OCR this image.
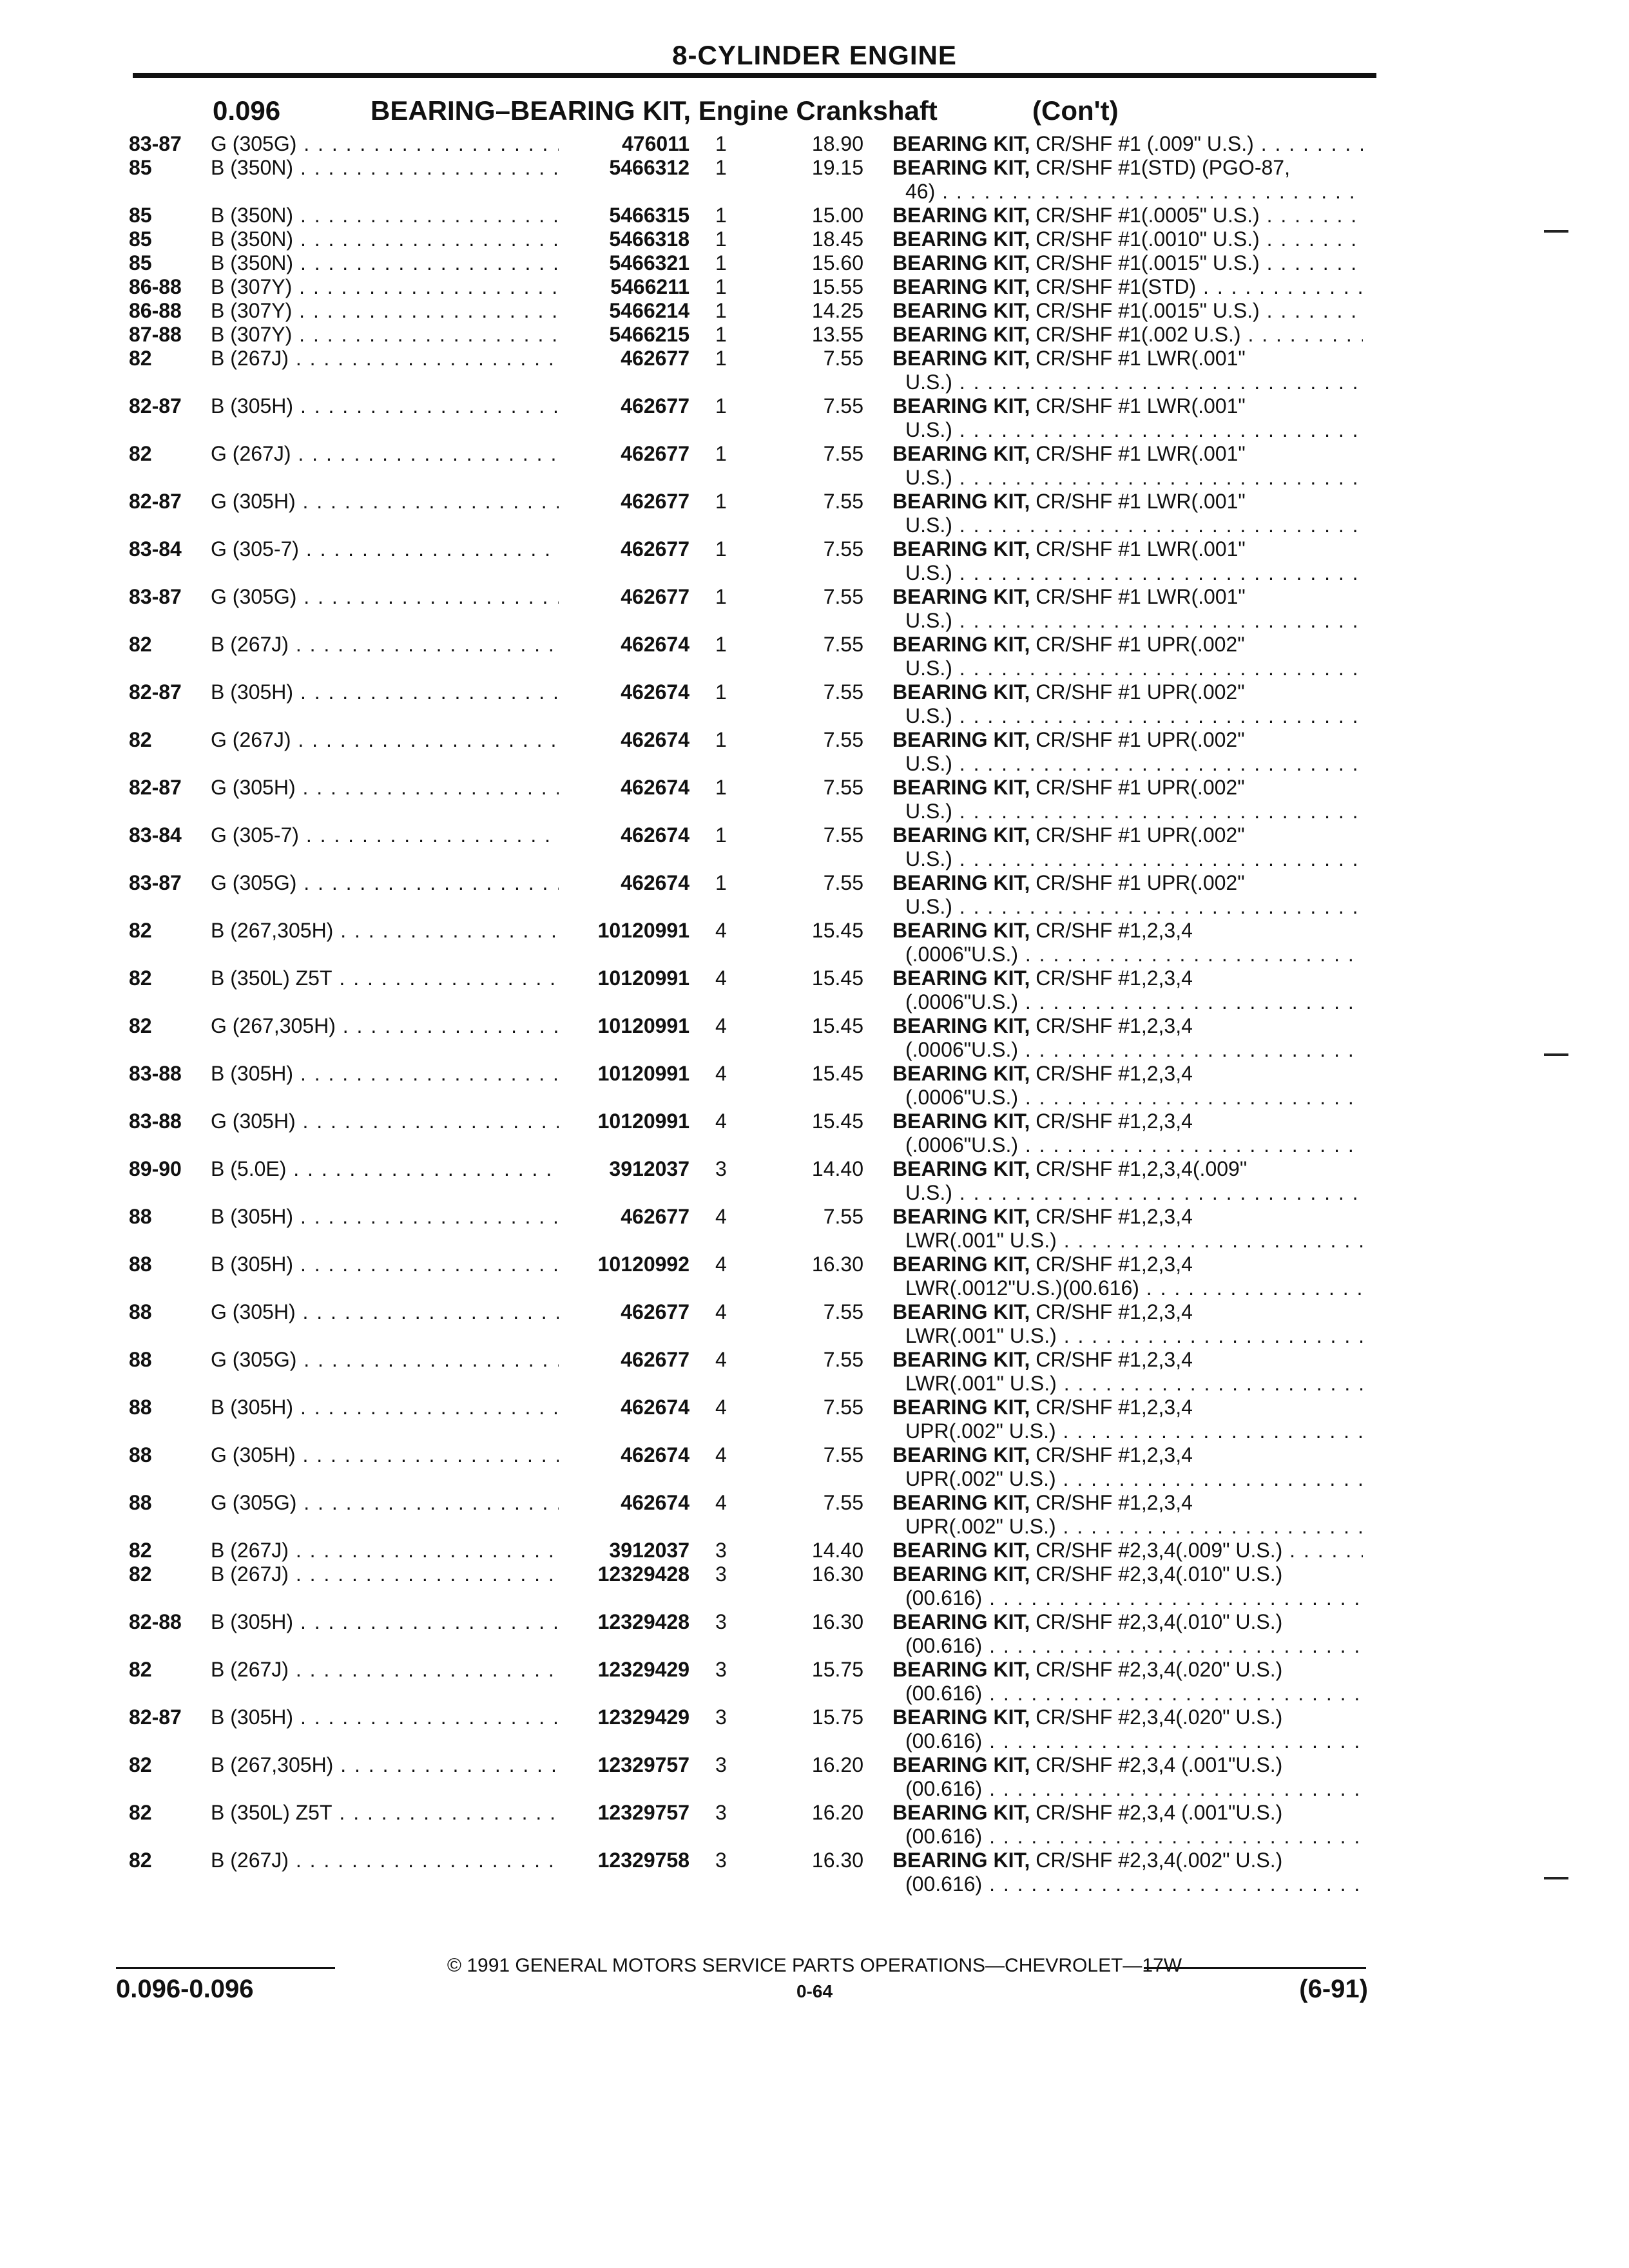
8-CYLINDER ENGINE
0.096	BEARING–BEARING KIT, Engine Crankshaft	(Con't)
83-87 G (305G) . . .	476011 1	18.90 BEARING KIT, CR/SHF #1 (.009" U.S.) . . .
85	B (350N) . . .	5466312 1	19.15 BEARING KIT, CR/SHF #1(STD) (PGO-87,
46) . . .
85	B (350N) . . .	5466315 1	15.00 BEARING KIT, CR/SHF #1(.0005" U.S.) . . .
85	B (350N) . . .	5466318 1	18.45 BEARING KIT, CR/SHF #1(.0010" U.S.) . . .
85	B (350N) . . .	5466321 1	15.60 BEARING KIT, CR/SHF #1(.0015" U.S.) . . .
86-88 B (307Y) . . .	5466211 1	15.55 BEARING KIT, CR/SHF #1(STD) . . .
86-88 B (307Y) . . .	5466214 1	14.25 BEARING KIT, CR/SHF #1(.0015" U.S.) . . .
87-88 B (307Y) . . .	5466215 1	13.55 BEARING KIT, CR/SHF #1(.002 U.S.) . . .
82	B (267J) . . .	462677 1	7.55 BEARING KIT, CR/SHF #1 LWR(.001"
U.S.) . . .
82-87 B (305H) . . .	462677 1	7.55 BEARING KIT, CR/SHF #1 LWR(.001"
U.S.) . . .
82	G (267J) . . .	462677 1	7.55 BEARING KIT, CR/SHF #1 LWR(.001"
U.S.) . . .
82-87 G (305H) . . .	462677 1	7.55 BEARING KIT, CR/SHF #1 LWR(.001"
U.S.) . . .
83-84 G (305-7) . . .	462677 1	7.55 BEARING KIT, CR/SHF #1 LWR(.001"
U.S.) . . .
83-87 G (305G) . . .	462677 1	7.55 BEARING KIT, CR/SHF #1 LWR(.001"
U.S.) . . .
82	B (267J) . . .	462674 1	7.55 BEARING KIT, CR/SHF #1 UPR(.002"
U.S.) . . .
82-87 B (305H) . . .	462674 1	7.55 BEARING KIT, CR/SHF #1 UPR(.002"
U.S.) . . .
82	G (267J) . . .	462674 1	7.55 BEARING KIT, CR/SHF #1 UPR(.002"
U.S.) . . .
82-87 G (305H) . . .	462674 1	7.55 BEARING KIT, CR/SHF #1 UPR(.002"
U.S.) . . .
83-84 G (305-7) . . .	462674 1	7.55 BEARING KIT, CR/SHF #1 UPR(.002"
U.S.) . . .
83-87 G (305G) . . .	462674 1	7.55 BEARING KIT, CR/SHF #1 UPR(.002"
U.S.) . . .
82	B (267,305H) . . .	10120991 4	15.45 BEARING KIT, CR/SHF #1,2,3,4
(.0006"U.S.) . . .
82	B (350L) Z5T . . .	10120991 4	15.45 BEARING KIT, CR/SHF #1,2,3,4
(.0006"U.S.) . . .
82	G (267,305H) . . .	10120991 4	15.45 BEARING KIT, CR/SHF #1,2,3,4
(.0006"U.S.) . . .
83-88 B (305H) . . .	10120991 4	15.45 BEARING KIT, CR/SHF #1,2,3,4
(.0006"U.S.) . . .
83-88 G (305H) . . .	10120991 4	15.45 BEARING KIT, CR/SHF #1,2,3,4
(.0006"U.S.) . . .
89-90 B (5.0E) . . .	3912037 3	14.40 BEARING KIT, CR/SHF #1,2,3,4(.009"
U.S.) . . .
88	B (305H) . . .	462677 4	7.55 BEARING KIT, CR/SHF #1,2,3,4
LWR(.001" U.S.) . . .
88	B (305H) . . .	10120992 4	16.30 BEARING KIT, CR/SHF #1,2,3,4
LWR(.0012"U.S.)(00.616) . . .
88	G (305H) . . .	462677 4	7.55 BEARING KIT, CR/SHF #1,2,3,4
LWR(.001" U.S.) . . .
88	G (305G) . . .	462677 4	7.55 BEARING KIT, CR/SHF #1,2,3,4
LWR(.001" U.S.) . . .
88	B (305H) . . .	462674 4	7.55 BEARING KIT, CR/SHF #1,2,3,4
UPR(.002" U.S.) . . .
88	G (305H) . . .	462674 4	7.55 BEARING KIT, CR/SHF #1,2,3,4
UPR(.002" U.S.) . . .
88	G (305G) . . .	462674 4	7.55 BEARING KIT, CR/SHF #1,2,3,4
UPR(.002" U.S.) . . .
82	B (267J) . . .	3912037 3	14.40 BEARING KIT, CR/SHF #2,3,4(.009" U.S.) . . .
82	B (267J) . . .	12329428 3	16.30 BEARING KIT, CR/SHF #2,3,4(.010" U.S.)
(00.616) . . .
82-88 B (305H) . . .	12329428 3	16.30 BEARING KIT, CR/SHF #2,3,4(.010" U.S.)
(00.616) . . .
82	B (267J) . . .	12329429 3	15.75 BEARING KIT, CR/SHF #2,3,4(.020" U.S.)
(00.616) . . .
82-87 B (305H) . . .	12329429 3	15.75 BEARING KIT, CR/SHF #2,3,4(.020" U.S.)
(00.616) . . .
82	B (267,305H) . . .	12329757 3	16.20 BEARING KIT, CR/SHF #2,3,4 (.001"U.S.)
(00.616) . . .
82	B (350L) Z5T . . .	12329757 3	16.20 BEARING KIT, CR/SHF #2,3,4 (.001"U.S.)
(00.616) . . .
82	B (267J) . . .	12329758 3	16.30 BEARING KIT, CR/SHF #2,3,4(.002" U.S.)
(00.616) . . .
© 1991 GENERAL MOTORS SERVICE PARTS OPERATIONS—CHEVROLET—17W
0.096-0.096	0-64	(6-91)
